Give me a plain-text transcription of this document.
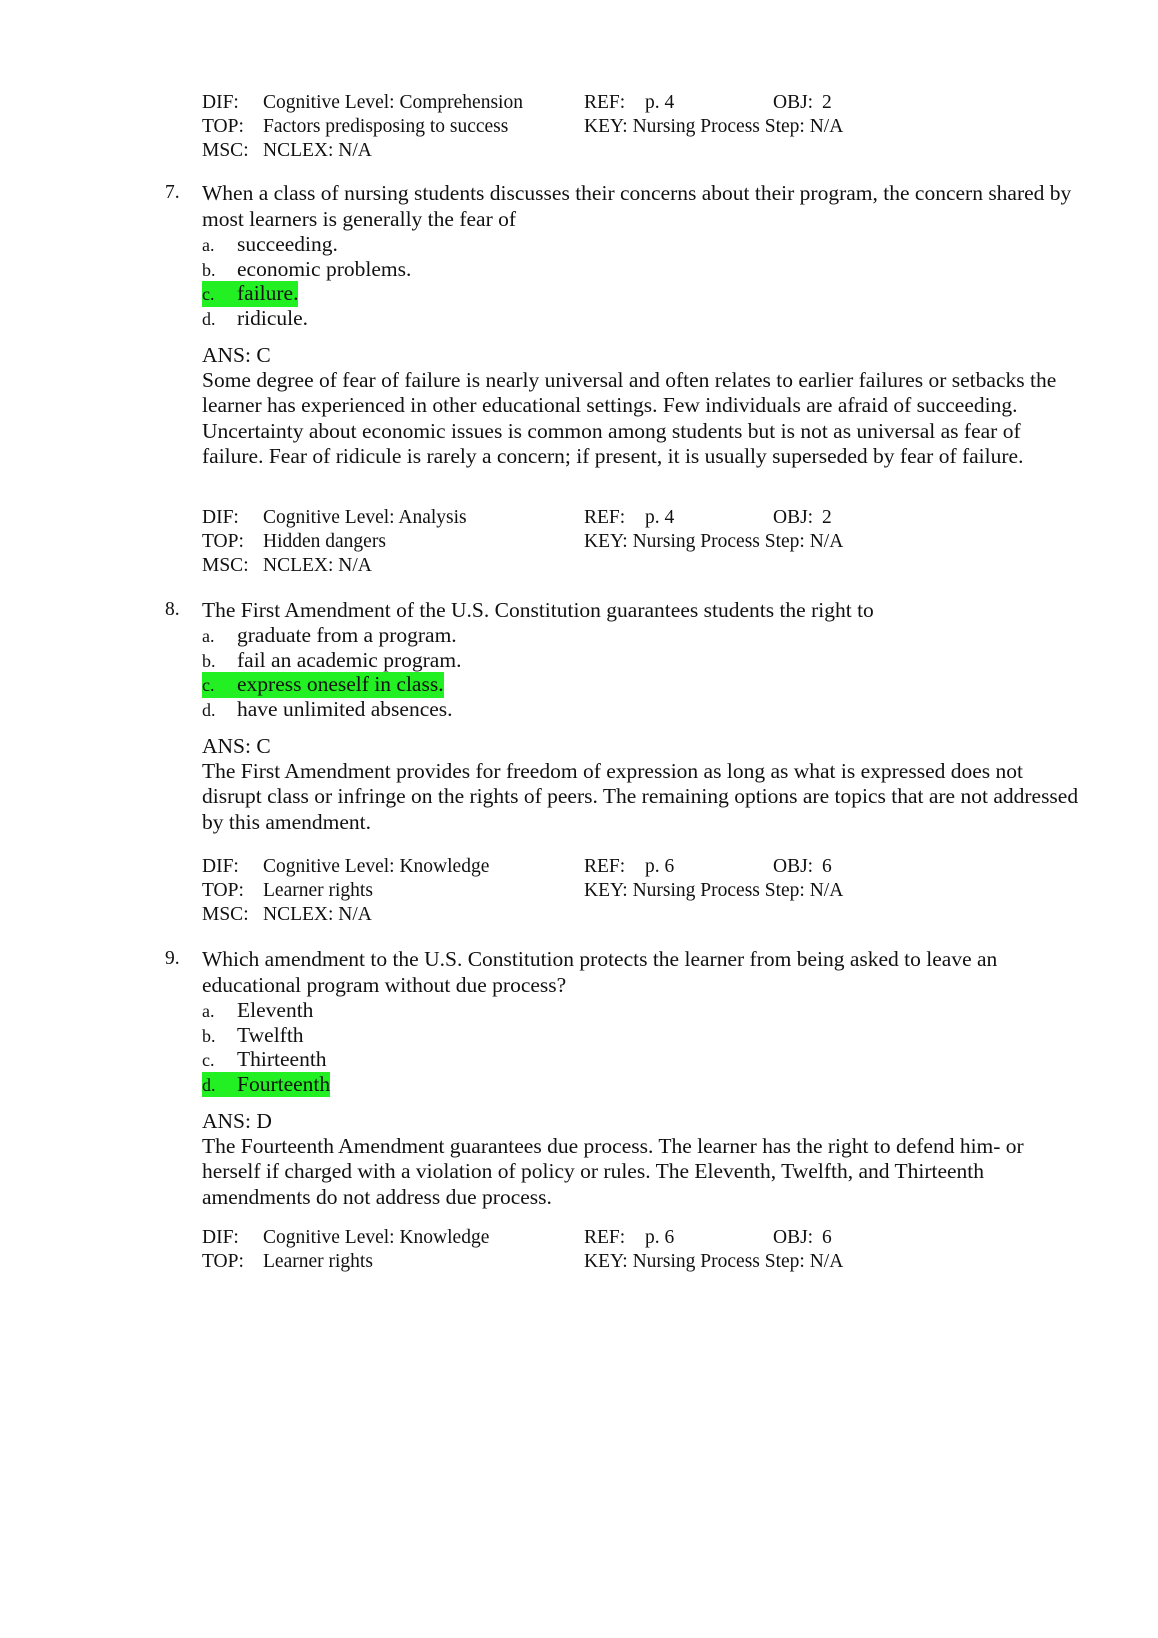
DIF: Cognitive Level: Comprehension	REF: p. 4	OBJ: 2
TOP: Factors predisposing to success	KEY: Nursing Process Step: N/A
MSC: NCLEX: N/A
7. When a class of nursing students discusses their concerns about their program, the concern shared by most learners is generally the fear of
a. succeeding.
b. economic problems.
c. failure.
d. ridicule.
ANS: C
Some degree of fear of failure is nearly universal and often relates to earlier failures or setbacks the learner has experienced in other educational settings. Few individuals are afraid of succeeding. Uncertainty about economic issues is common among students but is not as universal as fear of failure. Fear of ridicule is rarely a concern; if present, it is usually superseded by fear of failure.
DIF: Cognitive Level: Analysis	REF: p. 4	OBJ: 2
TOP: Hidden dangers	KEY: Nursing Process Step: N/A
MSC: NCLEX: N/A
8. The First Amendment of the U.S. Constitution guarantees students the right to
a. graduate from a program.
b. fail an academic program.
c. express oneself in class.
d. have unlimited absences.
ANS: C
The First Amendment provides for freedom of expression as long as what is expressed does not disrupt class or infringe on the rights of peers. The remaining options are topics that are not addressed by this amendment.
DIF: Cognitive Level: Knowledge	REF: p. 6	OBJ: 6
TOP: Learner rights	KEY: Nursing Process Step: N/A
MSC: NCLEX: N/A
9. Which amendment to the U.S. Constitution protects the learner from being asked to leave an educational program without due process?
a. Eleventh
b. Twelfth
c. Thirteenth
d. Fourteenth
ANS: D
The Fourteenth Amendment guarantees due process. The learner has the right to defend him- or herself if charged with a violation of policy or rules. The Eleventh, Twelfth, and Thirteenth amendments do not address due process.
DIF: Cognitive Level: Knowledge	REF: p. 6	OBJ: 6
TOP: Learner rights	KEY: Nursing Process Step: N/A
